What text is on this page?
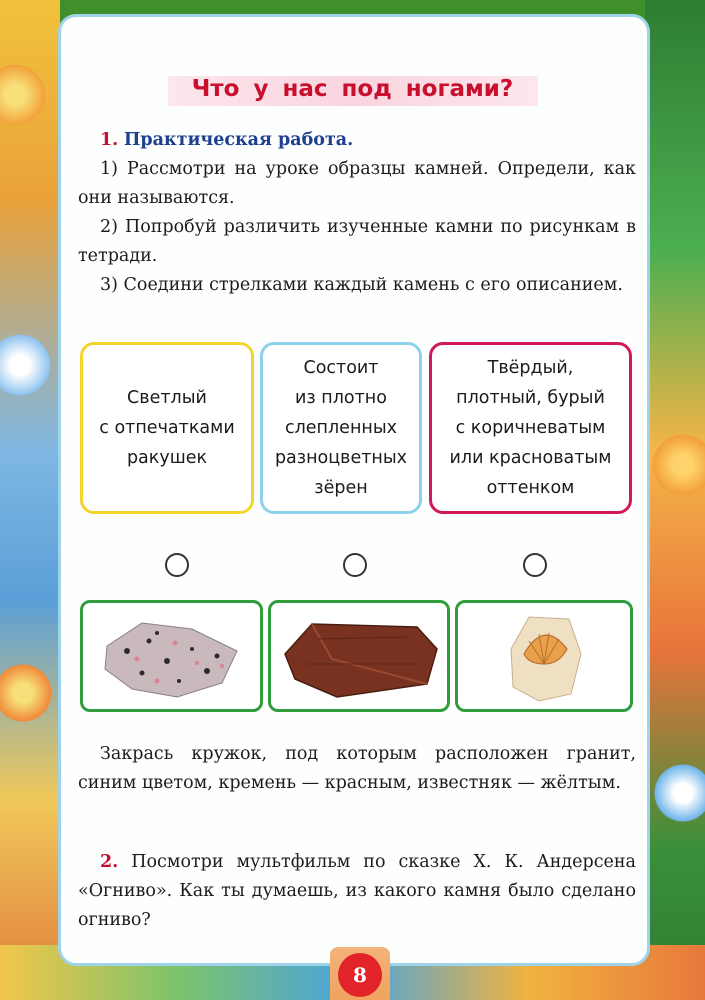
Что у нас под ногами?
1. Практическая работа.
1) Рассмотри на уроке образцы камней. Определи, как они называются.
2) Попробуй различить изученные камни по рисункам в тетради.
3) Соедини стрелками каждый камень с его описанием.
Светлый
с отпечатками
ракушек
Состоит
из плотно
слепленных
разноцветных
зёрен
Твёрдый,
плотный, бурый
с коричневатым
или красноватым
оттенком
Закрась кружок, под которым расположен гранит, синим цветом, кремень — красным, известняк — жёлтым.
2. Посмотри мультфильм по сказке Х. К. Андерсена «Огниво». Как ты думаешь, из какого камня было сделано огниво?
8
